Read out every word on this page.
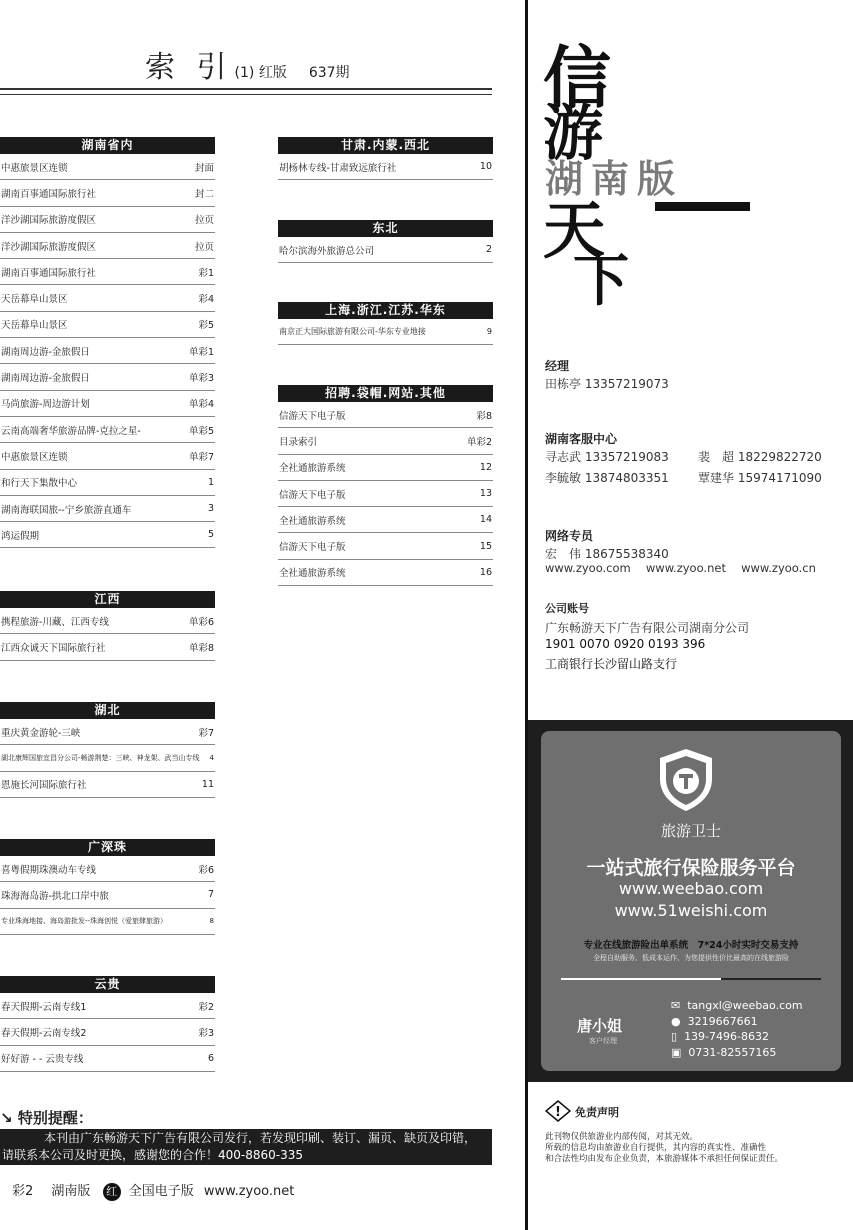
索 引 (1) 红版 637期
湖南省内
中惠旅景区连锁	封面
湖南百事通国际旅行社	封二
洋沙湖国际旅游度假区	拉页
洋沙湖国际旅游度假区	拉页
湖南百事通国际旅行社	彩1
天岳幕阜山景区	彩4
天岳幕阜山景区	彩5
湖南周边游-金旅假日	单彩1
湖南周边游-金旅假日	单彩3
马尚旅游-周边游计划	单彩4
云南高端奢华旅游品牌-克拉之星-	单彩5
中惠旅景区连锁	单彩7
和行天下集散中心	1
湖南海联国旅--宁乡旅游直通车	3
鸿运假期	5
江西
携程旅游-川藏、江西专线	单彩6
江西众诚天下国际旅行社	单彩8
湖北
重庆黄金游轮-三峡	彩7
湖北康辉国旅宜昌分公司-畅游荆楚：三峡、神龙架、武当山专线 4
恩施长河国际旅行社	11
广深珠
喜粤假期珠澳动车专线	彩6
珠海海岛游-拱北口岸中旅	7
专业珠海地接、海岛游批发--珠海创悦（爱旅肆旅游）	8
云贵
春天假期-云南专线1	彩2
春天假期-云南专线2	彩3
好好游 - - 云贵专线	6
甘肃.内蒙.西北
胡杨林专线-甘肃致远旅行社	10
东北
哈尔滨海外旅游总公司	2
上海.浙江.江苏.华东
南京正大国际旅游有限公司-华东专业地接	9
招聘.袋帽.网站.其他
信游天下电子版	彩8
目录索引	单彩2
全社通旅游系统	12
信游天下电子版	13
全社通旅游系统	14
信游天下电子版	15
全社通旅游系统	16
↘ 特别提醒：
本刊由广东畅游天下广告有限公司发行，若发现印刷、装订、漏页、缺页及印错，
请联系本公司及时更换，感谢您的合作！400-8860-335
彩2 湖南版 红 全国电子版 www.zyoo.net
信
游
湖南版
天
下
经理
田栋亭 13357219073
湖南客服中心
寻志武 13357219083 裴　超 18229822720
李毓敏 13874803351 覃建华 15974171090
网络专员
宏　伟 18675538340
www.zyoo.com　 www.zyoo.net　 www.zyoo.cn
公司账号
广东畅游天下广告有限公司湖南分公司
1901 0070 0920 0193 396
工商银行长沙留山路支行
旅游卫士
一站式旅行保险服务平台
www.weebao.com
www.51weishi.com
专业在线旅游险出单系统　7*24小时实时交易支持
全程自助服务、低成本运作、为您提供性价比最高的在线旅游险
唐小姐
客户经理
✉ tangxl@weebao.com
● 3219667661
▯ 139-7496-8632
▣ 0731-82557165
! 免责声明
此刊物仅供旅游业内部传阅，对其无效。
所载的信息均由旅游业自行提供，其内容的真实性、准确性
和合法性均由发布企业负责，本旅游媒体不承担任何保证责任。
